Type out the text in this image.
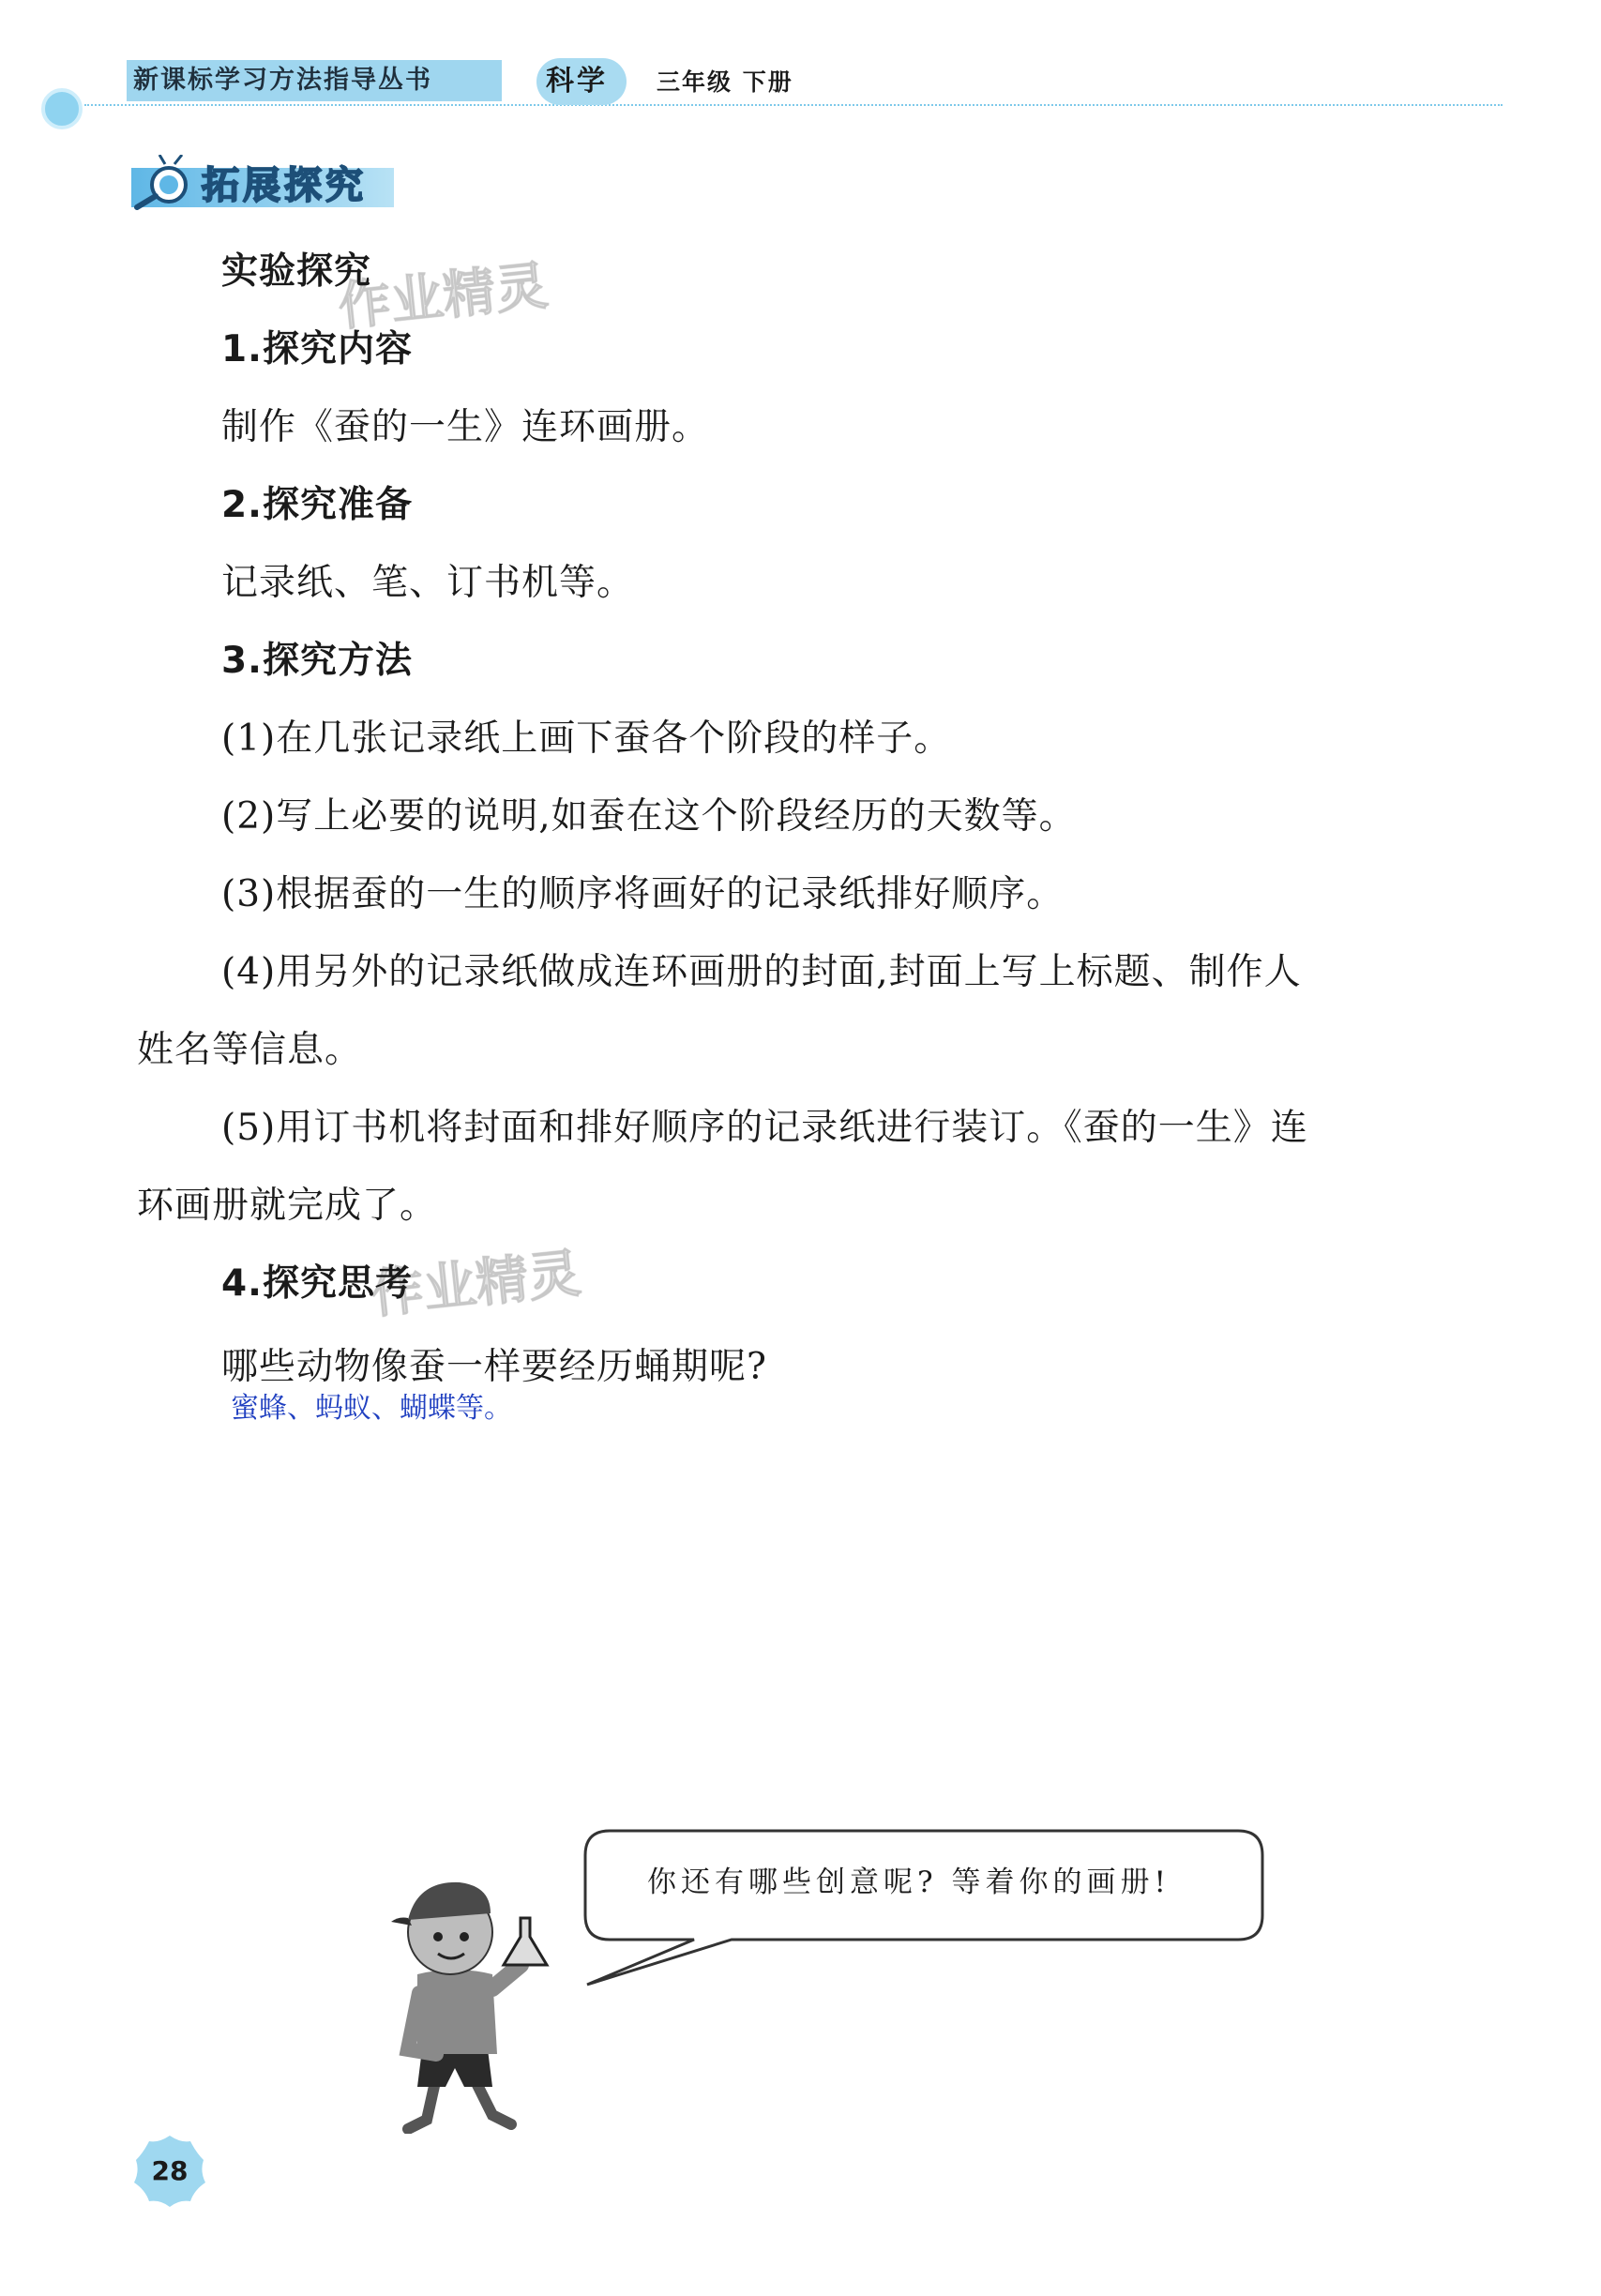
新课标学习方法指导丛书	科学 三年级 下册
拓展探究
作业精灵
作业精灵
实验探究
1.探究内容
制作《蚕的一生》连环画册。
2.探究准备
记录纸、笔、订书机等。
3.探究方法
(1)在几张记录纸上画下蚕各个阶段的样子。
(2)写上必要的说明,如蚕在这个阶段经历的天数等。
(3)根据蚕的一生的顺序将画好的记录纸排好顺序。
(4)用另外的记录纸做成连环画册的封面,封面上写上标题、制作人
姓名等信息。
(5)用订书机将封面和排好顺序的记录纸进行装订。《蚕的一生》连
环画册就完成了。
4.探究思考
哪些动物像蚕一样要经历蛹期呢?
蜜蜂、蚂蚁、蝴蝶等。
你还有哪些创意呢? 等着你的画册!
28
